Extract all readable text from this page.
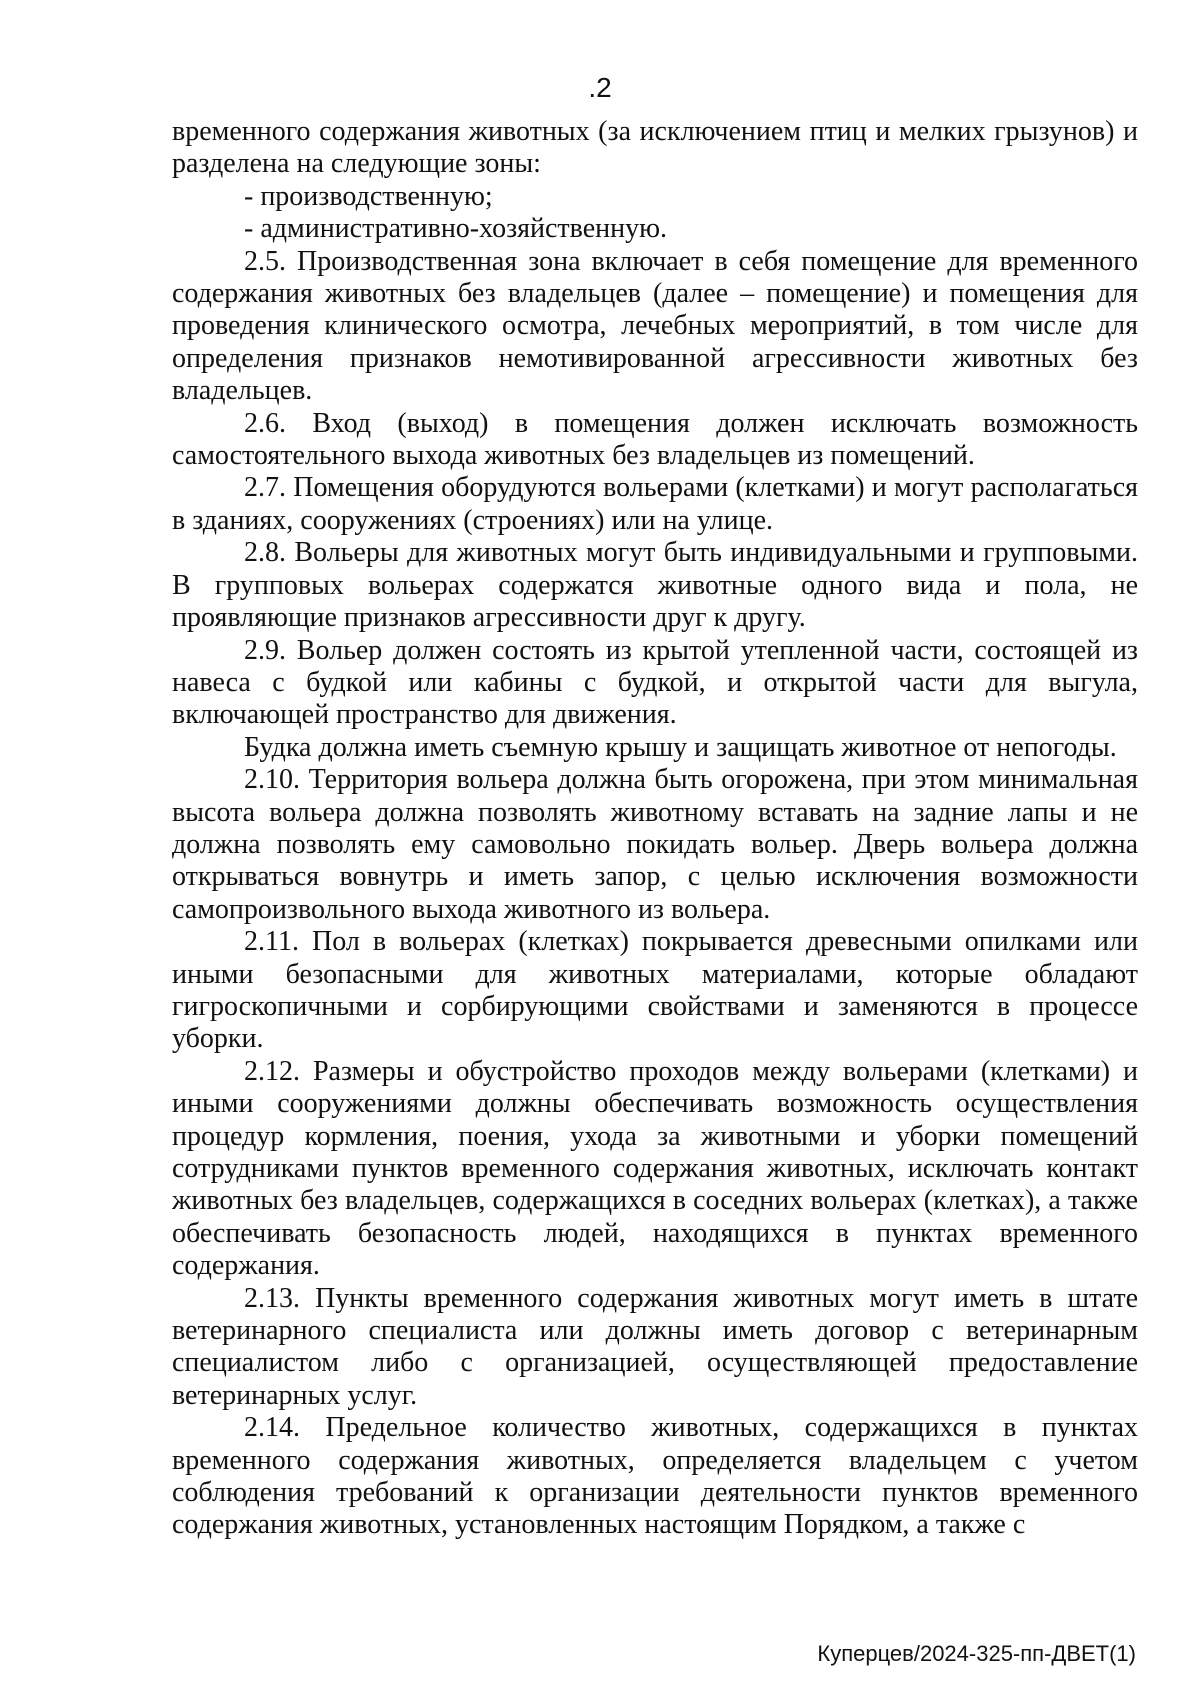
.2

временного содержания животных (за исключением птиц и мелких грызунов) и разделена на следующие зоны:

- производственную;

- административно-хозяйственную.

2.5. Производственная зона включает в себя помещение для временного содержания животных без владельцев (далее – помещение) и помещения для проведения клинического осмотра, лечебных мероприятий, в том числе для определения признаков немотивированной агрессивности животных без владельцев.

2.6. Вход (выход) в помещения должен исключать возможность самостоятельного выхода животных без владельцев из помещений.

2.7. Помещения оборудуются вольерами (клетками) и могут располагаться в зданиях, сооружениях (строениях) или на улице.

2.8. Вольеры для животных могут быть индивидуальными и групповыми. В групповых вольерах содержатся животные одного вида и пола, не проявляющие признаков агрессивности друг к другу.

2.9. Вольер должен состоять из крытой утепленной части, состоящей из навеса с будкой или кабины с будкой, и открытой части для выгула, включающей пространство для движения.

Будка должна иметь съемную крышу и защищать животное от непогоды.

2.10. Территория вольера должна быть огорожена, при этом минимальная высота вольера должна позволять животному вставать на задние лапы и не должна позволять ему самовольно покидать вольер. Дверь вольера должна открываться вовнутрь и иметь запор, с целью исключения возможности самопроизвольного выхода животного из вольера.

2.11. Пол в вольерах (клетках) покрывается древесными опилками или иными безопасными для животных материалами, которые обладают гигроскопичными и сорбирующими свойствами и заменяются в процессе уборки.

2.12. Размеры и обустройство проходов между вольерами (клетками) и иными сооружениями должны обеспечивать возможность осуществления процедур кормления, поения, ухода за животными и уборки помещений сотрудниками пунктов временного содержания животных, исключать контакт животных без владельцев, содержащихся в соседних вольерах (клетках), а также обеспечивать безопасность людей, находящихся в пунктах временного содержания.

2.13. Пункты временного содержания животных могут иметь в штате ветеринарного специалиста или должны иметь договор с ветеринарным специалистом либо с организацией, осуществляющей предоставление ветеринарных услуг.

2.14. Предельное количество животных, содержащихся в пунктах временного содержания животных, определяется владельцем с учетом соблюдения требований к организации деятельности пунктов временного содержания животных, установленных настоящим Порядком, а также с

Куперцев/2024-325-пп-ДВЕТ(1)
